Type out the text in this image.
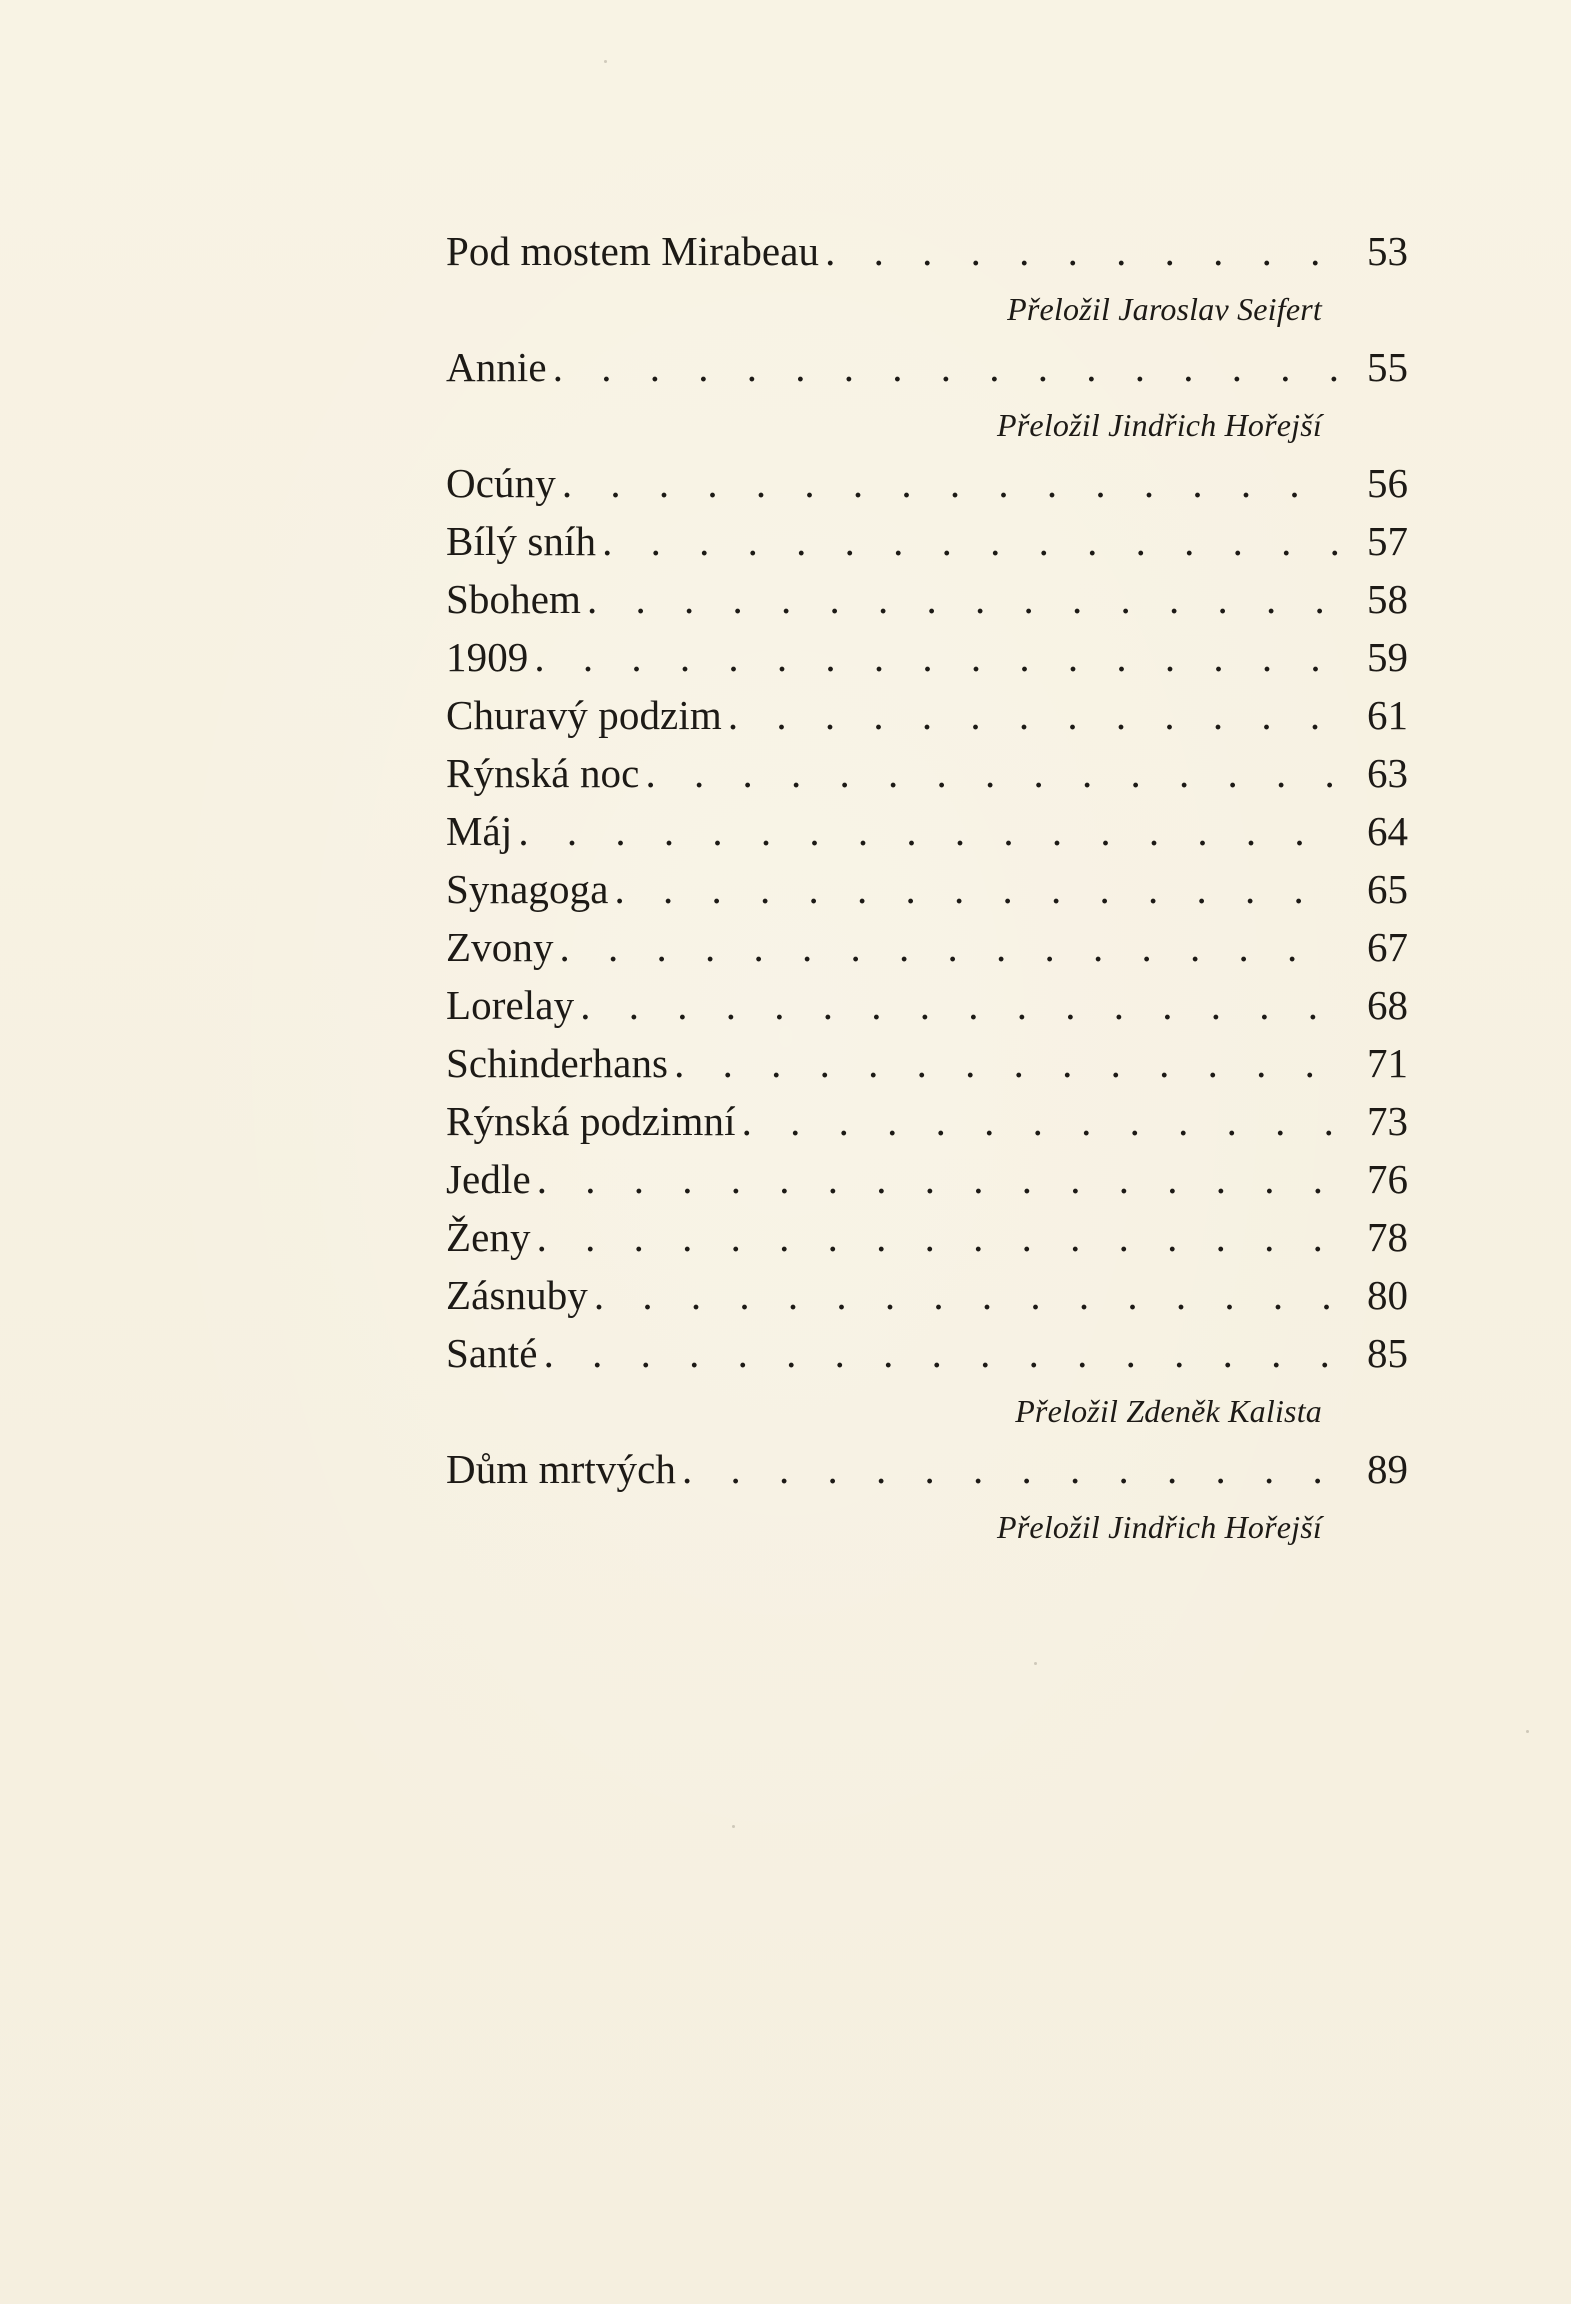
Pod mostem Mirabeau . . .	53
Přeložil Jaroslav Seifert
Annie . . .	55
Přeložil Jindřich Hořejší
Ocúny . . .	56
Bílý sníh . . .	57
Sbohem . . .	58
1909 . . .	59
Churavý podzim . . .	61
Rýnská noc . . .	63
Máj . . .	64
Synagoga . . .	65
Zvony . . .	67
Lorelay . . .	68
Schinderhans . . .	71
Rýnská podzimní . . .	73
Jedle . . .	76
Ženy . . .	78
Zásnuby . . .	80
Santé . . .	85
Přeložil Zdeněk Kalista
Dům mrtvých . . .	89
Přeložil Jindřich Hořejší
